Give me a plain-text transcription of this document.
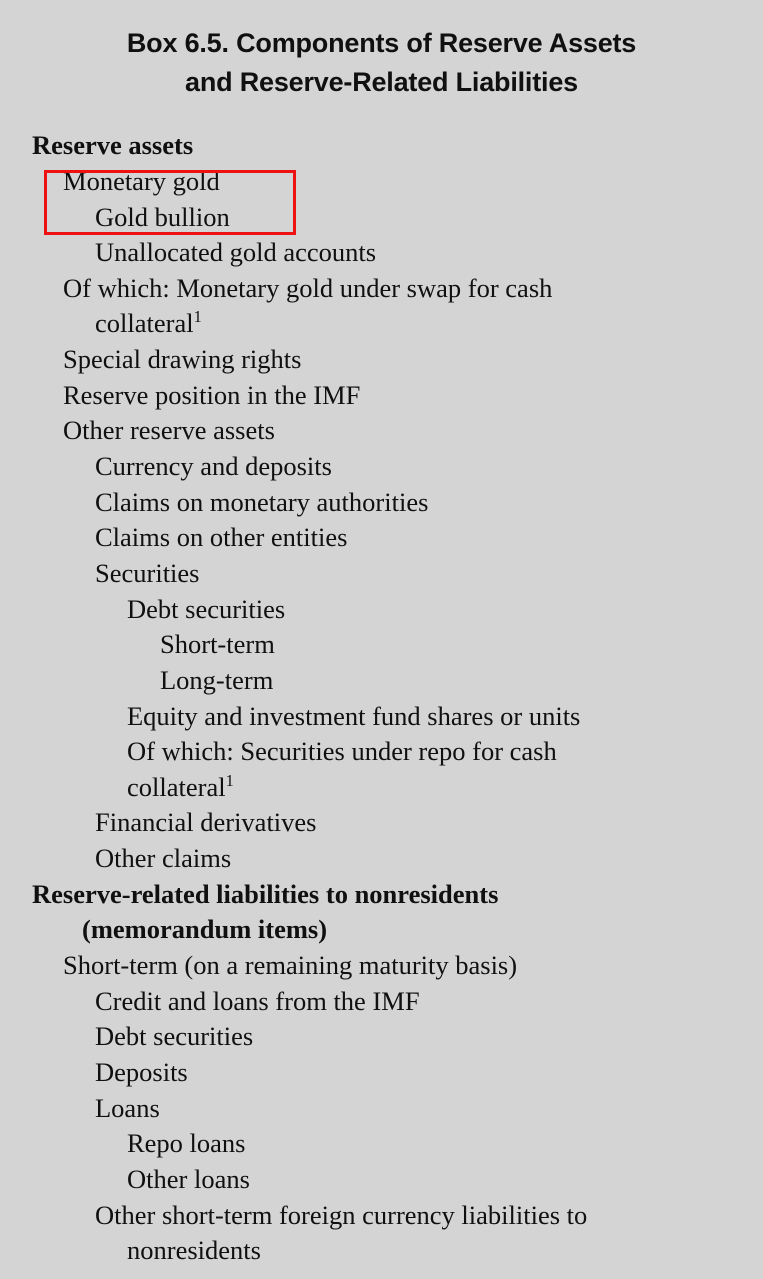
Box 6.5. Components of Reserve Assets
and Reserve-Related Liabilities
Reserve assets
Monetary gold
Gold bullion
Unallocated gold accounts
Of which: Monetary gold under swap for cash
collateral$^1$
Special drawing rights
Reserve position in the IMF
Other reserve assets
Currency and deposits
Claims on monetary authorities
Claims on other entities
Securities
Debt securities
Short-term
Long-term
Equity and investment fund shares or units
Of which: Securities under repo for cash
collateral$^1$
Financial derivatives
Other claims
Reserve-related liabilities to nonresidents
(memorandum items)
Short-term (on a remaining maturity basis)
Credit and loans from the IMF
Debt securities
Deposits
Loans
Repo loans
Other loans
Other short-term foreign currency liabilities to
nonresidents
